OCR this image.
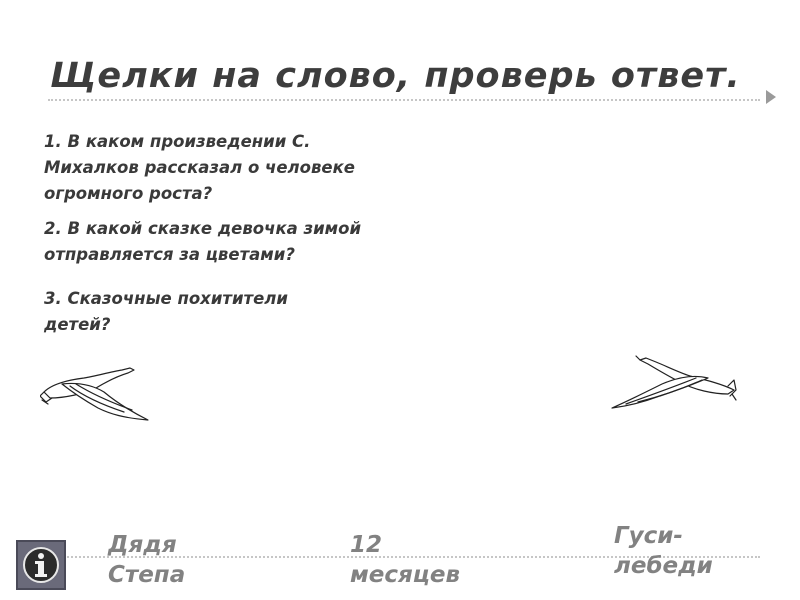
Щелки на слово, проверь ответ.
1. В каком произведении С. Михалков рассказал о человеке огромного роста?
2. В какой сказке девочка зимой отправляется за цветами?
3. Сказочные похитители детей?
Дядя Степа
12 месяцев
Гуси-лебеди
